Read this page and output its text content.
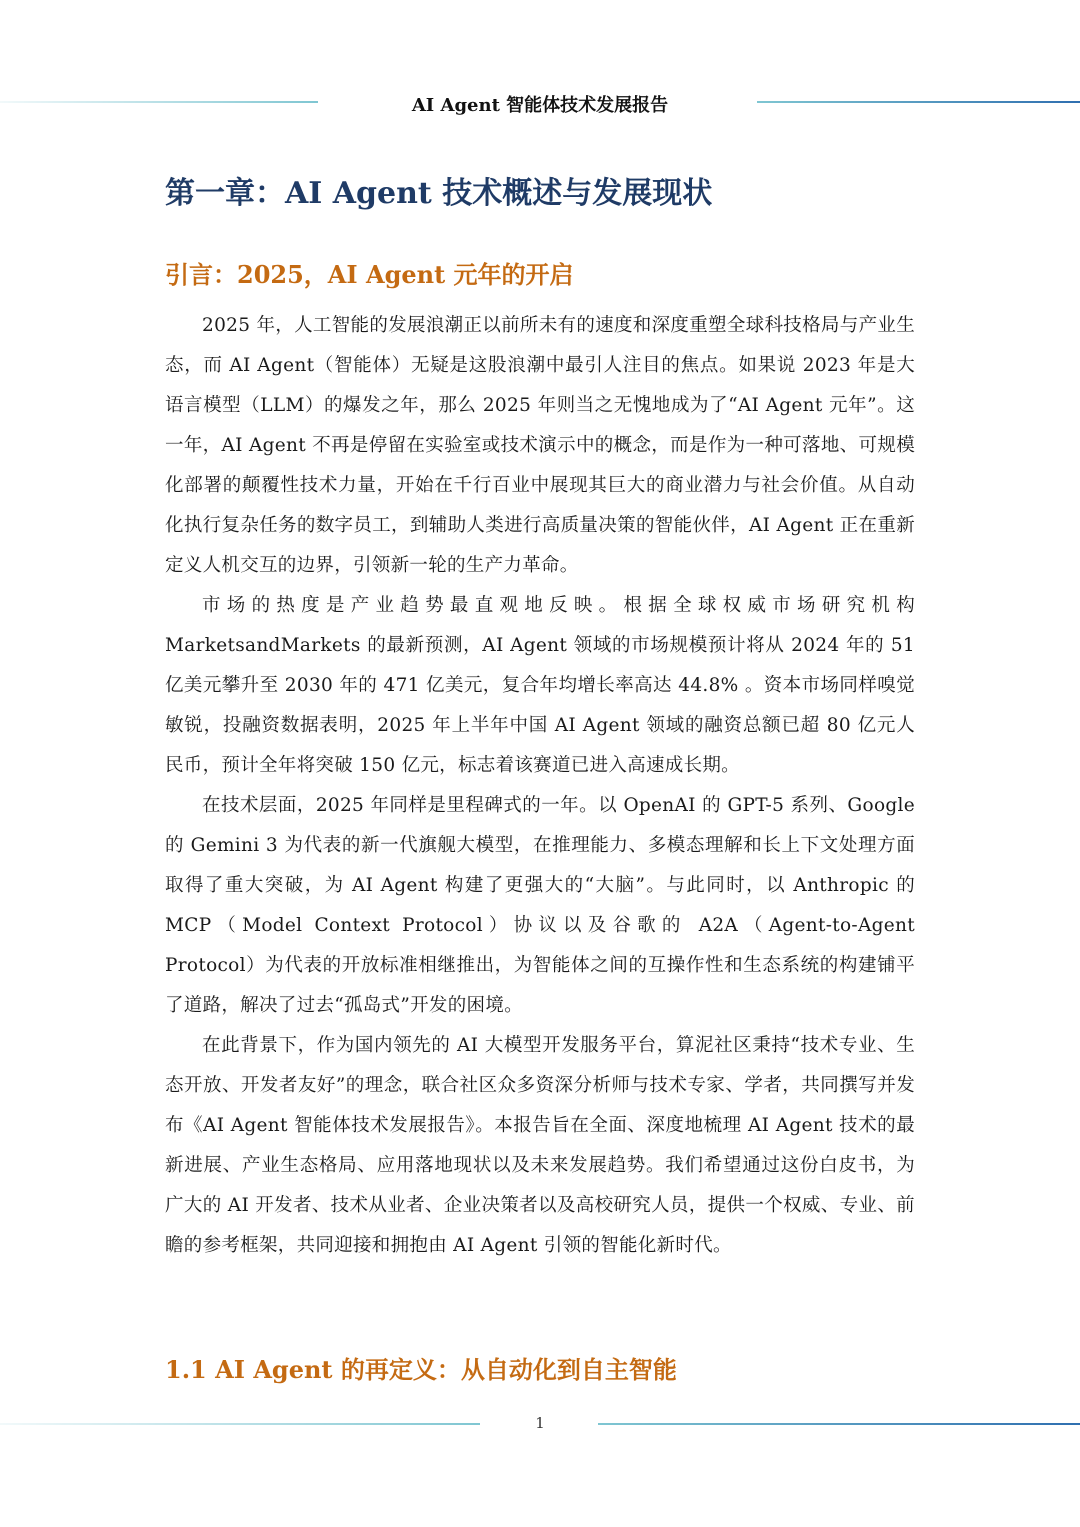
AI Agent 智能体技术发展报告
第一章：AI Agent 技术概述与发展现状
引言：2025，AI Agent 元年的开启

2025 年，人工智能的发展浪潮正以前所未有的速度和深度重塑全球科技格局与产业生态，而 AI Agent（智能体）无疑是这股浪潮中最引人注目的焦点。如果说 2023 年是大语言模型（LLM）的爆发之年，那么 2025 年则当之无愧地成为了“AI Agent 元年”。这一年，AI Agent 不再是停留在实验室或技术演示中的概念，而是作为一种可落地、可规模化部署的颠覆性技术力量，开始在千行百业中展现其巨大的商业潜力与社会价值。从自动化执行复杂任务的数字员工，到辅助人类进行高质量决策的智能伙伴，AI Agent 正在重新定义人机交互的边界，引领新一轮的生产力革命。

市场的热度是产业趋势最直观地反映。根据全球权威市场研究机构 MarketsandMarkets 的最新预测，AI Agent 领域的市场规模预计将从 2024 年的 51 亿美元攀升至 2030 年的 471 亿美元，复合年均增长率高达 44.8% 。资本市场同样嗅觉敏锐，投融资数据表明，2025 年上半年中国 AI Agent 领域的融资总额已超 80 亿元人民币，预计全年将突破 150 亿元，标志着该赛道已进入高速成长期。

在技术层面，2025 年同样是里程碑式的一年。以 OpenAI 的 GPT-5 系列、Google 的 Gemini 3 为代表的新一代旗舰大模型，在推理能力、多模态理解和长上下文处理方面取得了重大突破，为 AI Agent 构建了更强大的“大脑”。与此同时，以 Anthropic 的 MCP（Model Context Protocol）协议以及谷歌的 A2A（Agent-to-Agent Protocol）为代表的开放标准相继推出，为智能体之间的互操作性和生态系统的构建铺平了道路，解决了过去“孤岛式”开发的困境。

在此背景下，作为国内领先的 AI 大模型开发服务平台，算泥社区秉持“技术专业、生态开放、开发者友好”的理念，联合社区众多资深分析师与技术专家、学者，共同撰写并发布《AI Agent 智能体技术发展报告》。本报告旨在全面、深度地梳理 AI Agent 技术的最新进展、产业生态格局、应用落地现状以及未来发展趋势。我们希望通过这份白皮书，为广大的 AI 开发者、技术从业者、企业决策者以及高校研究人员，提供一个权威、专业、前瞻的参考框架，共同迎接和拥抱由 AI Agent 引领的智能化新时代。

1.1 AI Agent 的再定义：从自动化到自主智能
1
